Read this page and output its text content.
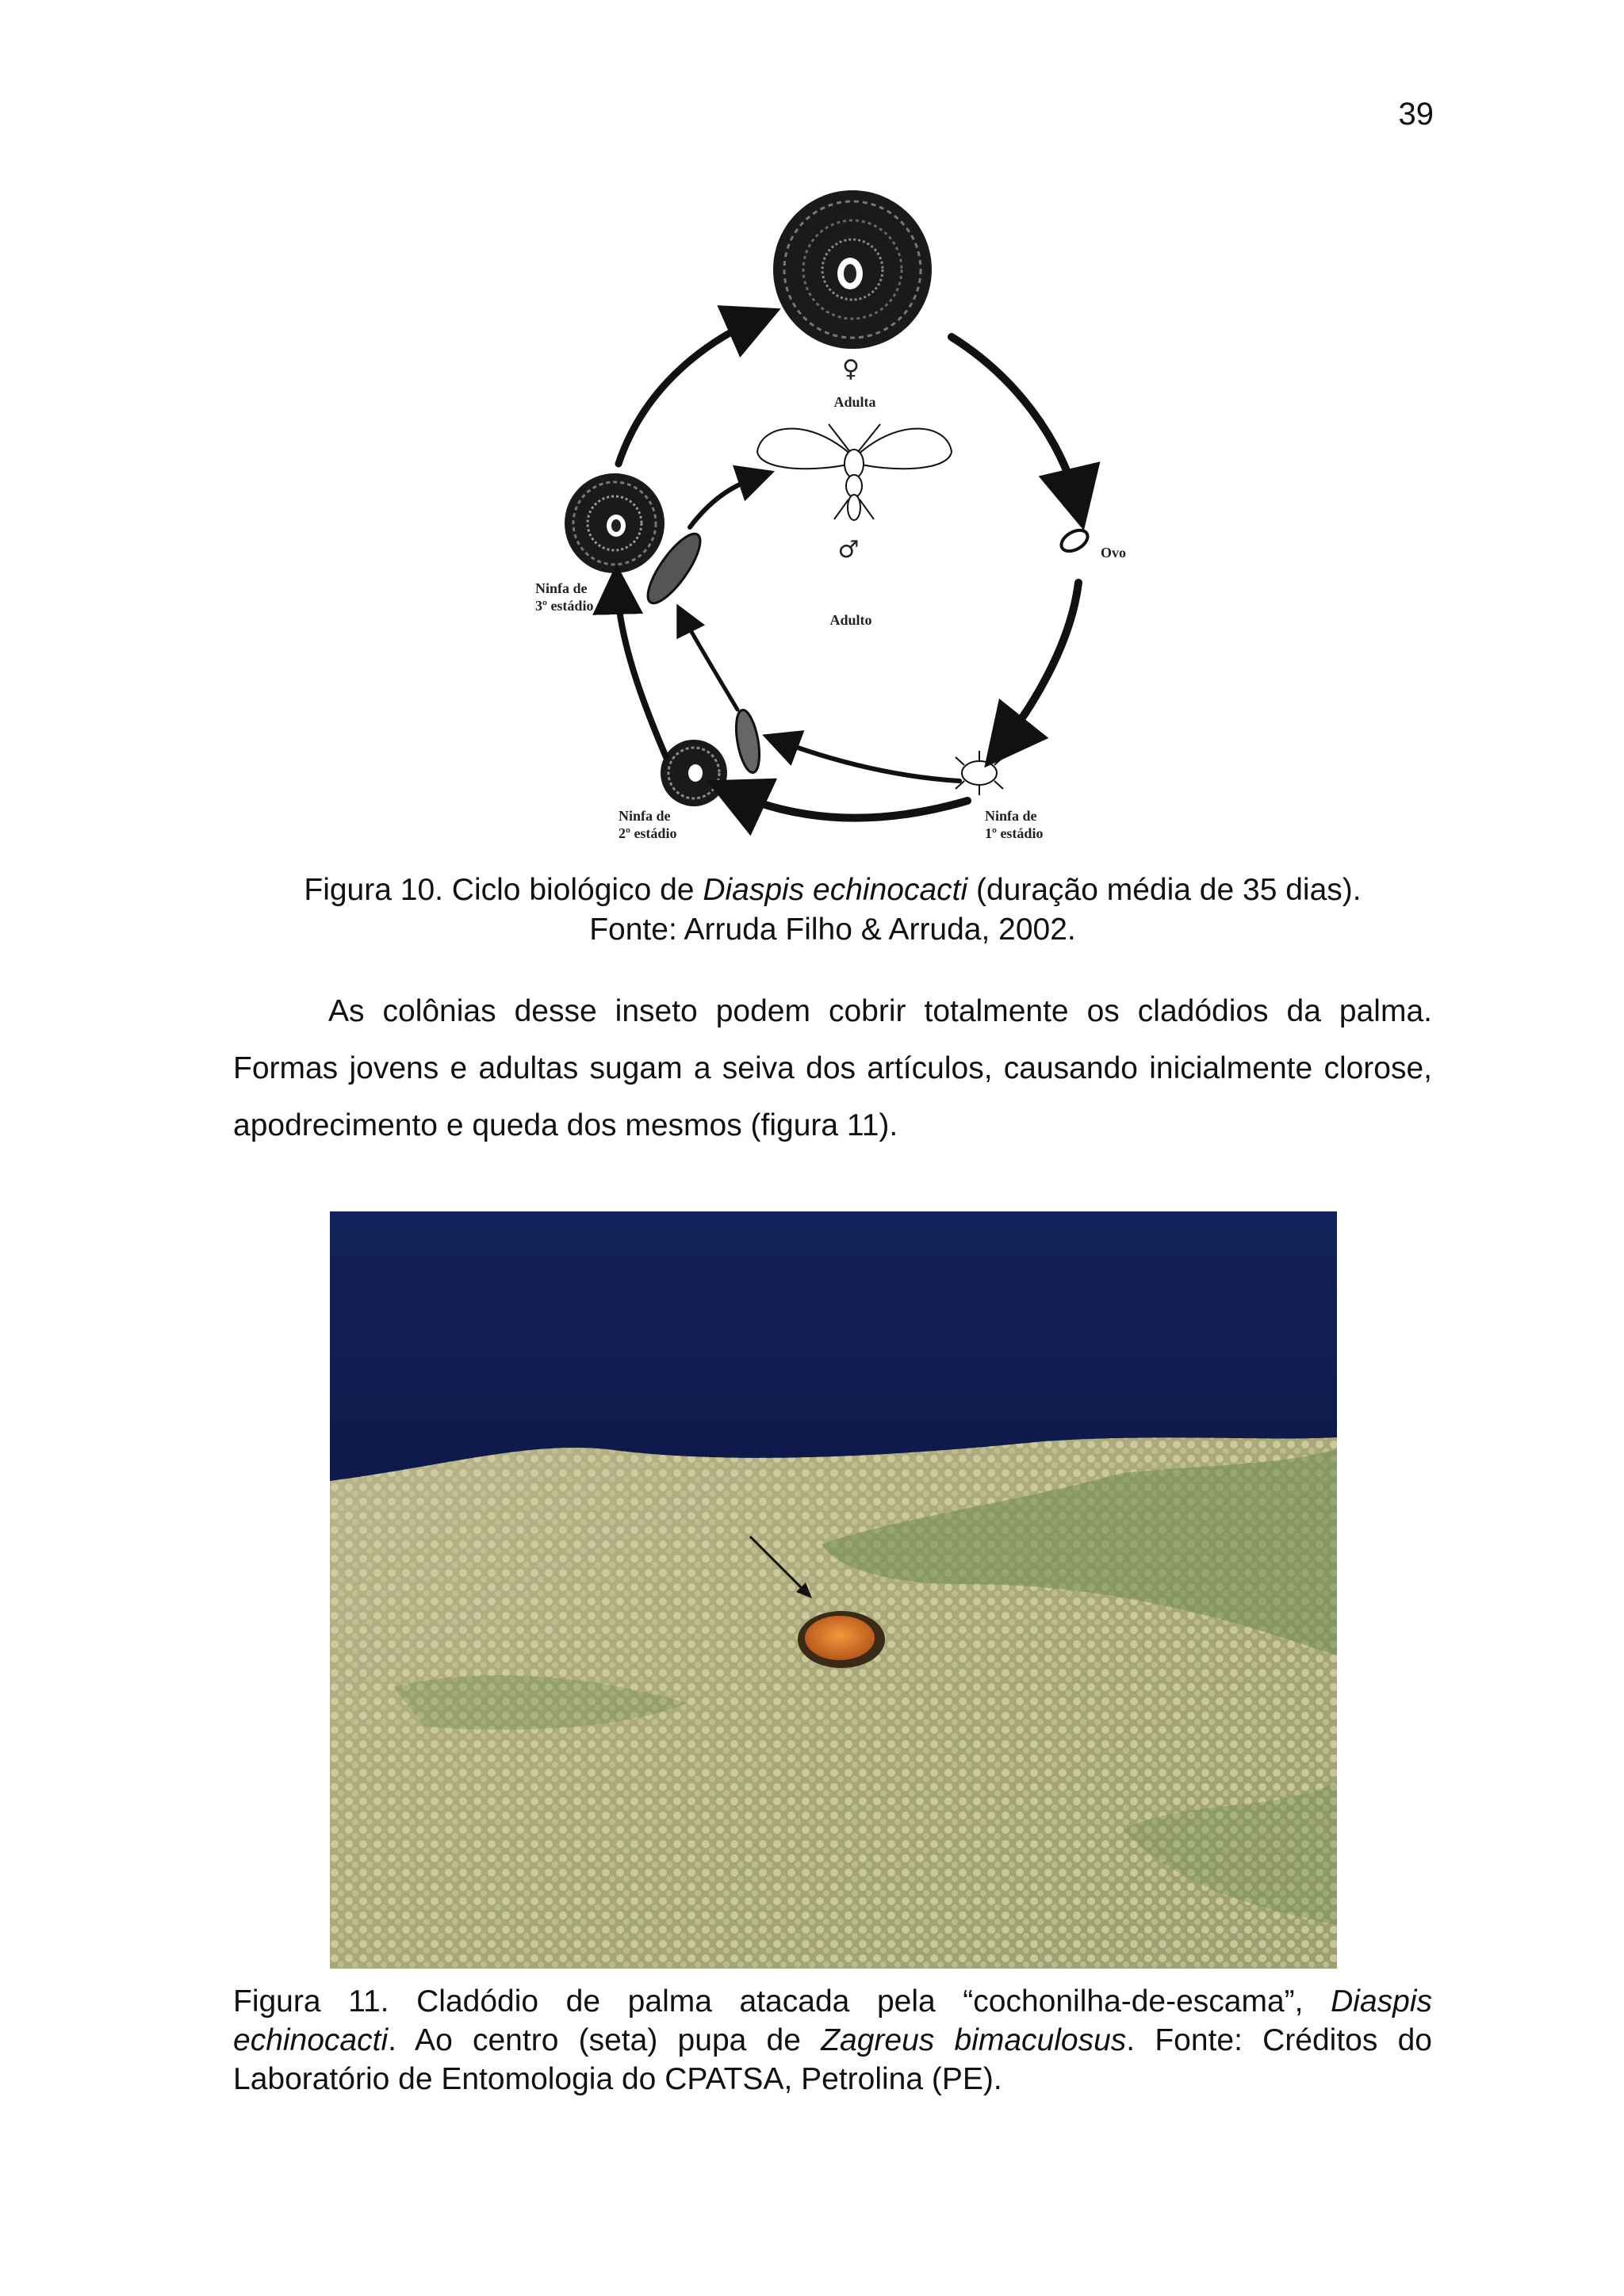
39
♀
Adulta
♂
Adulto
Ovo
Ninfa de
3º estádio
Ninfa de
2º estádio
Ninfa de
1º estádio
Figura 10. Ciclo biológico de Diaspis echinocacti (duração média de 35 dias).
Fonte: Arruda Filho & Arruda, 2002.

As colônias desse inseto podem cobrir totalmente os cladódios da palma. Formas jovens e adultas sugam a seiva dos artículos, causando inicialmente clorose, apodrecimento e queda dos mesmos (figura 11).

Figura 11. Cladódio de palma atacada pela “cochonilha-de-escama”, Diaspis echinocacti. Ao centro (seta) pupa de Zagreus bimaculosus. Fonte: Créditos do Laboratório de Entomologia do CPATSA, Petrolina (PE).
